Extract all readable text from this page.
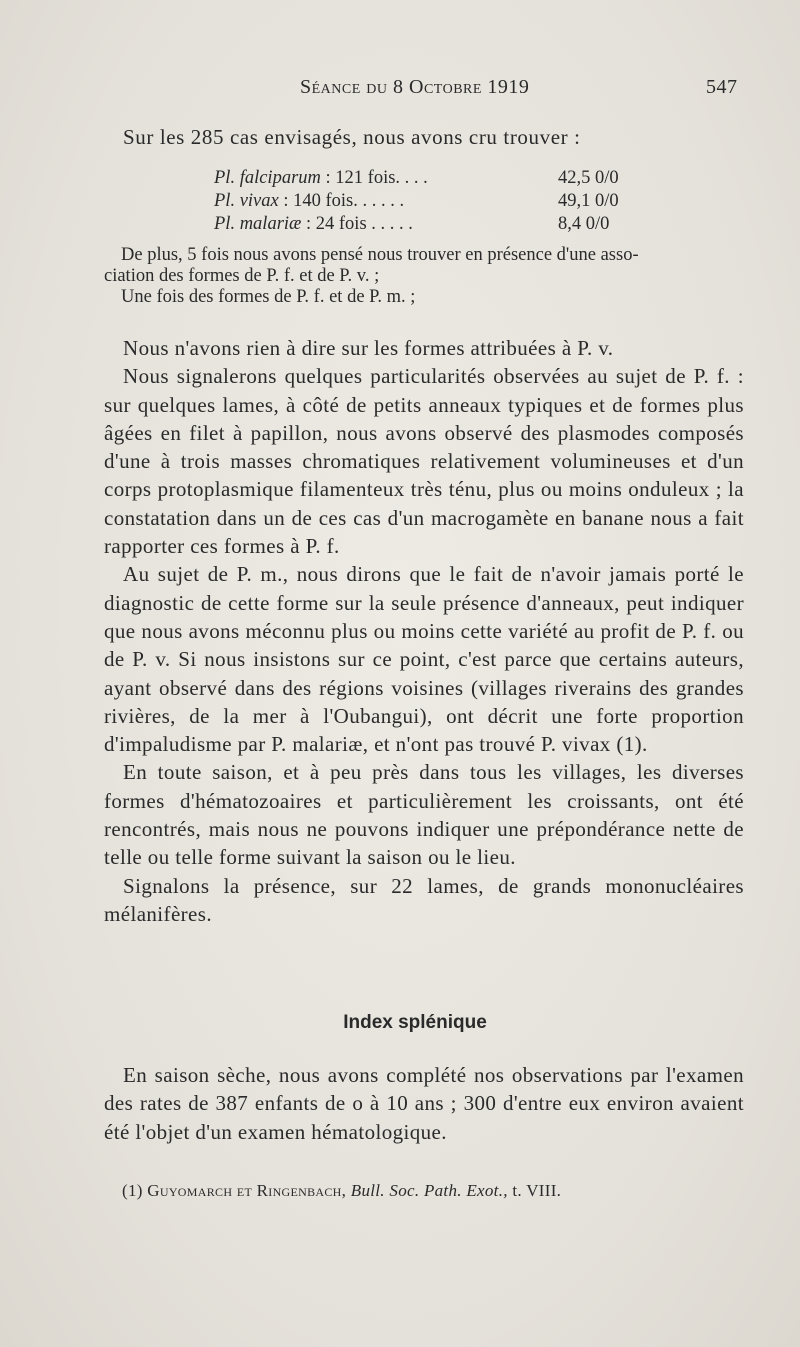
Séance du 8 Octobre 1919	547
Sur les 285 cas envisagés, nous avons cru trouver :
Pl. falciparum : 121 fois. . . .	42,5 0/0
Pl. vivax : 140 fois. . . . . .	49,1 0/0
Pl. malariæ : 24 fois . . . . .	8,4 0/0
De plus, 5 fois nous avons pensé nous trouver en présence d'une asso-
ciation des formes de P. f. et de P. v. ;
Une fois des formes de P. f. et de P. m. ;

Nous n'avons rien à dire sur les formes attribuées à P. v.

Nous signalerons quelques particularités observées au sujet de P. f. : sur quelques lames, à côté de petits anneaux typiques et de formes plus âgées en filet à papillon, nous avons observé des plasmodes composés d'une à trois masses chromatiques relativement volumineuses et d'un corps protoplasmique filamenteux très ténu, plus ou moins onduleux ; la constatation dans un de ces cas d'un macrogamète en banane nous a fait rapporter ces formes à P. f.

Au sujet de P. m., nous dirons que le fait de n'avoir jamais porté le diagnostic de cette forme sur la seule présence d'anneaux, peut indiquer que nous avons méconnu plus ou moins cette variété au profit de P. f. ou de P. v. Si nous insistons sur ce point, c'est parce que certains auteurs, ayant observé dans des régions voisines (villages riverains des grandes rivières, de la mer à l'Oubangui), ont décrit une forte proportion d'impaludisme par P. malariæ, et n'ont pas trouvé P. vivax (1).

En toute saison, et à peu près dans tous les villages, les diverses formes d'hématozoaires et particulièrement les croissants, ont été rencontrés, mais nous ne pouvons indiquer une prépondérance nette de telle ou telle forme suivant la saison ou le lieu.

Signalons la présence, sur 22 lames, de grands mononucléaires mélanifères.

Index splénique

En saison sèche, nous avons complété nos observations par l'examen des rates de 387 enfants de o à 10 ans ; 300 d'entre eux environ avaient été l'objet d'un examen hématologique.

(1) Guyomarch et Ringenbach, Bull. Soc. Path. Exot., t. VIII.
